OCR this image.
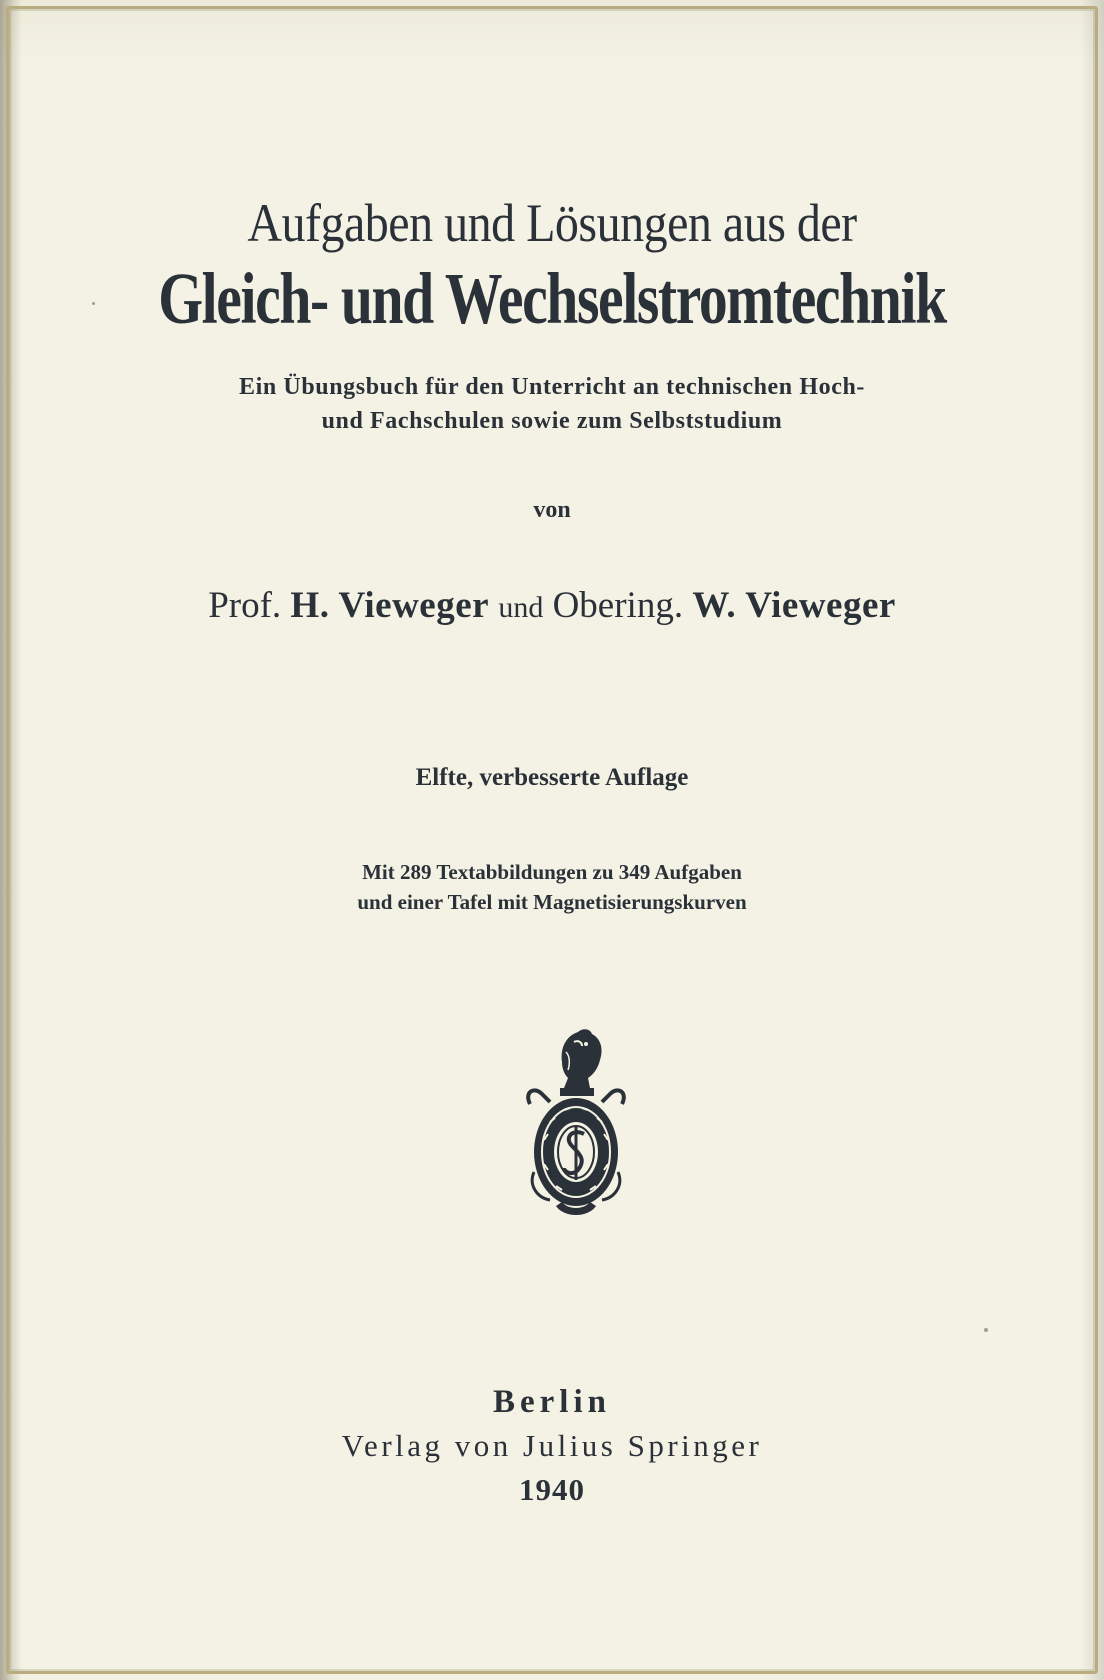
Aufgaben und Lösungen aus der
Gleich- und Wechselstromtechnik
Ein Übungsbuch für den Unterricht an technischen Hoch-
und Fachschulen sowie zum Selbststudium
von
Prof. H. Vieweger und Obering. W. Vieweger
Elfte, verbesserte Auflage
Mit 289 Textabbildungen zu 349 Aufgaben
und einer Tafel mit Magnetisierungskurven
Berlin
Verlag von Julius Springer
1940
